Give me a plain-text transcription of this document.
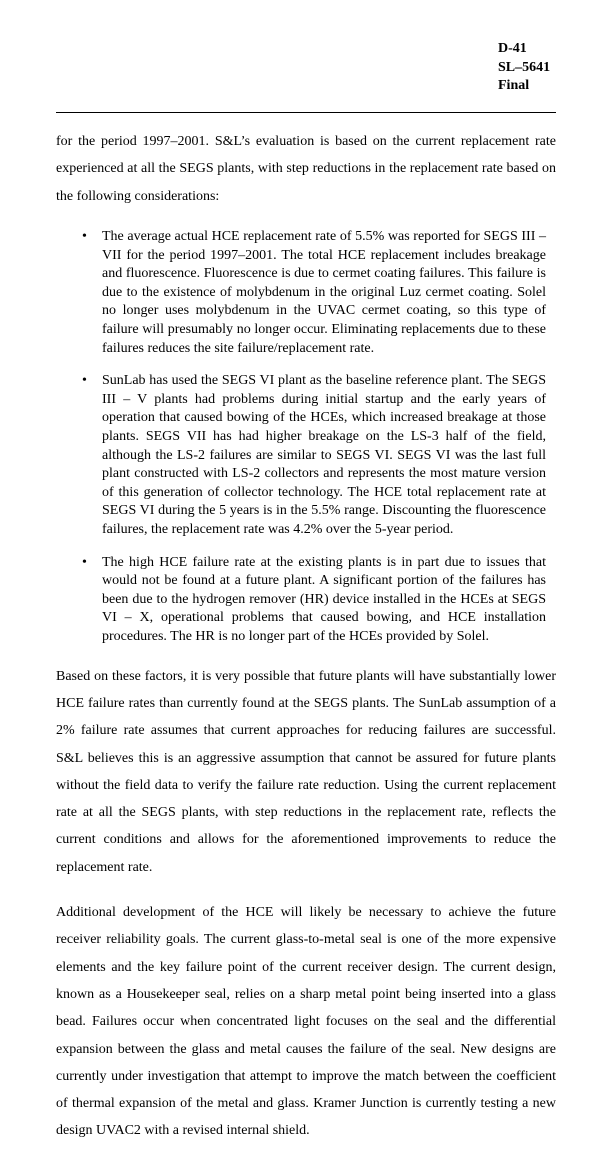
D-41
SL–5641
Final

for the period 1997–2001. S&L’s evaluation is based on the current replacement rate experienced at all the SEGS plants, with step reductions in the replacement rate based on the following considerations:

• The average actual HCE replacement rate of 5.5% was reported for SEGS III – VII for the period 1997–2001. The total HCE replacement includes breakage and fluorescence. Fluorescence is due to cermet coating failures. This failure is due to the existence of molybdenum in the original Luz cermet coating. Solel no longer uses molybdenum in the UVAC cermet coating, so this type of failure will presumably no longer occur. Eliminating replacements due to these failures reduces the site failure/replacement rate.
• SunLab has used the SEGS VI plant as the baseline reference plant. The SEGS III – V plants had problems during initial startup and the early years of operation that caused bowing of the HCEs, which increased breakage at those plants. SEGS VII has had higher breakage on the LS-3 half of the field, although the LS-2 failures are similar to SEGS VI. SEGS VI was the last full plant constructed with LS-2 collectors and represents the most mature version of this generation of collector technology. The HCE total replacement rate at SEGS VI during the 5 years is in the 5.5% range. Discounting the fluorescence failures, the replacement rate was 4.2% over the 5-year period.
• The high HCE failure rate at the existing plants is in part due to issues that would not be found at a future plant. A significant portion of the failures has been due to the hydrogen remover (HR) device installed in the HCEs at SEGS VI – X, operational problems that caused bowing, and HCE installation procedures. The HR is no longer part of the HCEs provided by Solel.

Based on these factors, it is very possible that future plants will have substantially lower HCE failure rates than currently found at the SEGS plants. The SunLab assumption of a 2% failure rate assumes that current approaches for reducing failures are successful. S&L believes this is an aggressive assumption that cannot be assured for future plants without the field data to verify the failure rate reduction. Using the current replacement rate at all the SEGS plants, with step reductions in the replacement rate, reflects the current conditions and allows for the aforementioned improvements to reduce the replacement rate.

Additional development of the HCE will likely be necessary to achieve the future receiver reliability goals. The current glass-to-metal seal is one of the more expensive elements and the key failure point of the current receiver design. The current design, known as a Housekeeper seal, relies on a sharp metal point being inserted into a glass bead. Failures occur when concentrated light focuses on the seal and the differential expansion between the glass and metal causes the failure of the seal. New designs are currently under investigation that attempt to improve the match between the coefficient of thermal expansion of the metal and glass. Kramer Junction is currently testing a new design UVAC2 with a revised internal shield.
